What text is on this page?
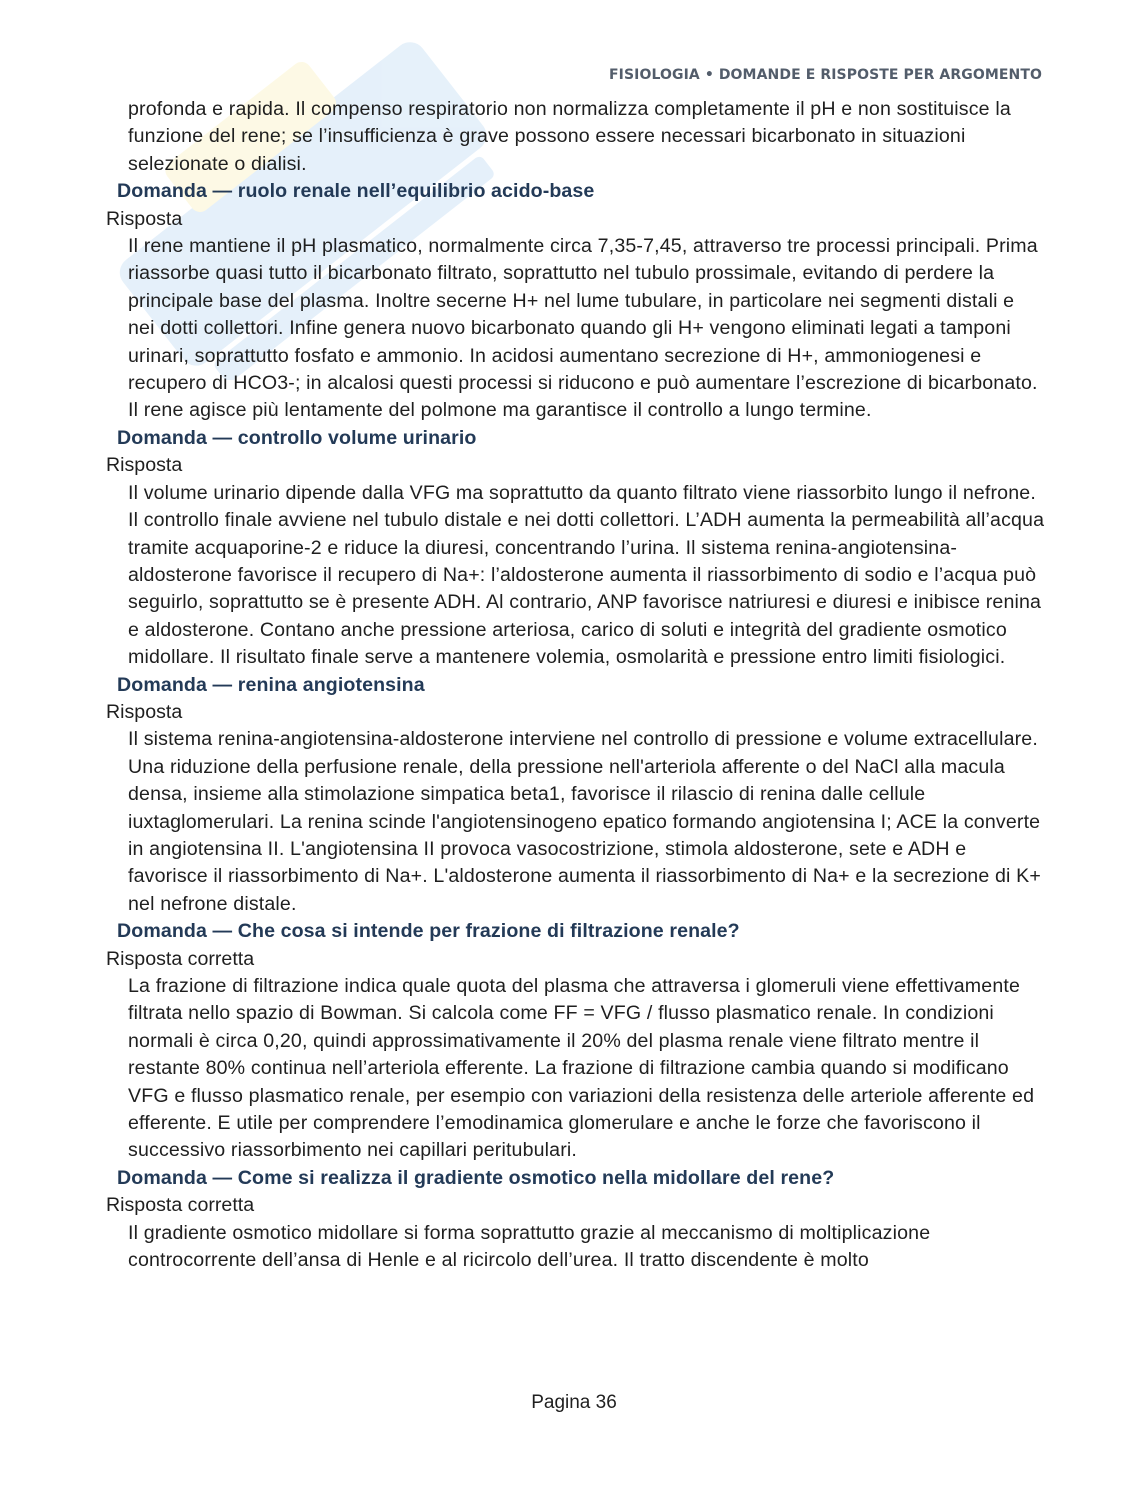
FISIOLOGIA • DOMANDE E RISPOSTE PER ARGOMENTO

profonda e rapida. Il compenso respiratorio non normalizza completamente il pH e non sostituisce la funzione del rene; se l’insufficienza è grave possono essere necessari bicarbonato in situazioni selezionate o dialisi.

Domanda — ruolo renale nell’equilibrio acido-base

Risposta

Il rene mantiene il pH plasmatico, normalmente circa 7,35-7,45, attraverso tre processi principali. Prima riassorbe quasi tutto il bicarbonato filtrato, soprattutto nel tubulo prossimale, evitando di perdere la principale base del plasma. Inoltre secerne H+ nel lume tubulare, in particolare nei segmenti distali e nei dotti collettori. Infine genera nuovo bicarbonato quando gli H+ vengono eliminati legati a tamponi urinari, soprattutto fosfato e ammonio. In acidosi aumentano secrezione di H+, ammoniogenesi e recupero di HCO3-; in alcalosi questi processi si riducono e può aumentare l’escrezione di bicarbonato. Il rene agisce più lentamente del polmone ma garantisce il controllo a lungo termine.

Domanda — controllo volume urinario

Risposta

Il volume urinario dipende dalla VFG ma soprattutto da quanto filtrato viene riassorbito lungo il nefrone. Il controllo finale avviene nel tubulo distale e nei dotti collettori. L’ADH aumenta la permeabilità all’acqua tramite acquaporine-2 e riduce la diuresi, concentrando l’urina. Il sistema renina-angiotensina-aldosterone favorisce il recupero di Na+: l’aldosterone aumenta il riassorbimento di sodio e l’acqua può seguirlo, soprattutto se è presente ADH. Al contrario, ANP favorisce natriuresi e diuresi e inibisce renina e aldosterone. Contano anche pressione arteriosa, carico di soluti e integrità del gradiente osmotico midollare. Il risultato finale serve a mantenere volemia, osmolarità e pressione entro limiti fisiologici.

Domanda — renina angiotensina

Risposta

Il sistema renina-angiotensina-aldosterone interviene nel controllo di pressione e volume extracellulare. Una riduzione della perfusione renale, della pressione nell'arteriola afferente o del NaCl alla macula densa, insieme alla stimolazione simpatica beta1, favorisce il rilascio di renina dalle cellule iuxtaglomerulari. La renina scinde l'angiotensinogeno epatico formando angiotensina I; ACE la converte in angiotensina II. L'angiotensina II provoca vasocostrizione, stimola aldosterone, sete e ADH e favorisce il riassorbimento di Na+. L'aldosterone aumenta il riassorbimento di Na+ e la secrezione di K+ nel nefrone distale.

Domanda — Che cosa si intende per frazione di filtrazione renale?

Risposta corretta

La frazione di filtrazione indica quale quota del plasma che attraversa i glomeruli viene effettivamente filtrata nello spazio di Bowman. Si calcola come FF = VFG / flusso plasmatico renale. In condizioni normali è circa 0,20, quindi approssimativamente il 20% del plasma renale viene filtrato mentre il restante 80% continua nell’arteriola efferente. La frazione di filtrazione cambia quando si modificano VFG e flusso plasmatico renale, per esempio con variazioni della resistenza delle arteriole afferente ed efferente. E utile per comprendere l’emodinamica glomerulare e anche le forze che favoriscono il successivo riassorbimento nei capillari peritubulari.

Domanda — Come si realizza il gradiente osmotico nella midollare del rene?

Risposta corretta

Il gradiente osmotico midollare si forma soprattutto grazie al meccanismo di moltiplicazione controcorrente dell’ansa di Henle e al ricircolo dell’urea. Il tratto discendente è molto

Pagina 36
